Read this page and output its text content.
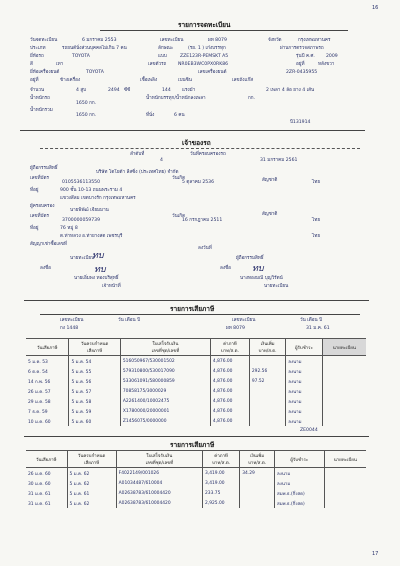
16
รายการจดทะเบียน
วันจดทะเบียน	6 มกราคม 2553	เลขทะเบียน	ผท 8079	จังหวัด	กรุงเทพมหานคร
ประเภท	รถยนต์นั่งส่วนบุคคลไม่เกิน 7 คน	ลักษณะ	(รย. 1 ) เก๋งบรรทุก	ผ่านการตรวจสภาพรถ
ยี่ห้อรถ	TOYOTA	แบบ	ZZE123R-PEMSKT A5	รุ่นปี ค.ศ. 2009
สี	เทา	เลขตัวรถ	NR0EB3WC0PX0RK86	อยู่ที่	หลังขวา
ยี่ห้อเครื่องยนต์	TOYOTA	เลขเครื่องยนต์	2ZR-0435955
อยู่ที่	ข้างเครื่อง	เชื้อเพลิง	เบนซิน	เลขถังแก๊ส
จำนวน	4 สูบ	ซีซี
2494	แรงม้า
144	2 เพลา 4 ล้อ ยาง 4 เส้น
น้ำหนักรถ
1650 กก.
น้ำหนักบรรทุก/น้ำหนักลงเพลา	กก.
น้ำหนักรวม
1650 กก.	ที่นั่ง	6 คน
ปี131914
เจ้าของรถ
ลำดับที่
4
วันที่ครอบครองรถ
31 มกราคม 2561
ผู้ถือกรรมสิทธิ์
บริษัท โตโยต้า ลีสซิ่ง (ประเทศไทย) จำกัด
เลขที่บัตร
0105536113550
วันเกิด
5 ตุลาคม 2536	สัญชาติ	ไทย
ที่อยู่	900 ชั้น 10-13 ถนนพระราม 4
แขวงสีลม เขตบางรัก กรุงเทพมหานคร
ผู้ครอบครอง
นายพิพัฒ์ เจียมมาน
เลขที่บัตร
3700000059739
วันเกิด
16 กรกฎาคม 2511
สัญชาติ
ไทย
ที่อยู่	76 หมู่ 8
ต.ท่าหลวง อ.ท่ายางสต เพชรบุรี	ไทย
สัญญาเช่าซื้อเลขที่
ลงวันที่
ทบ
นายทะเบียน	ผู้ถือกรรมสิทธิ์
ลงชื่อ	ทบ	ลงชื่อ ทบ
นายเอิ่มพง ทองบริสุทธิ์
เจ้าหน้าที่
นางทองมณี บุญวิรัตน์
นายทะเบียน
รายการเสียภาษี
เลขทะเบียน	วัน เดือน ปี	เลขทะเบียน	วัน เดือน ปี
กง 1448	ผท 8079	31 ม.ค. 61
วันเสียภาษี	วันครบกำหนด
เสียภาษี	ใบเสร็จรับเงิน
เลขที่ชุด/เลขที่	ค่าภาษี
บาท/ส.ต.	เงินเพิ่ม
บาท/ส.ต.	ผู้รับชำระ	นายทะเบียน
5 ม.ค. 53	5 ม.ค. 54	516050967/530001502	4,876.00		ลงนาม	
6 ต.ค. 54	5 ม.ค. 55	579310800/530017090	4,876.00	292.56	ลงนาม	
14 ก.พ. 56	5 ม.ค. 56	533061091/580000859	4,876.00	97.52	ลงนาม	
26 ม.ค. 57	5 ม.ค. 57	70858175/3000029	4,876.00		ลงนาม	
29 ม.ค. 58	5 ม.ค. 58	A2261400/10002475	4,876.00		ลงนาม	
7 ธ.ค. 59	5 ม.ค. 59	X1780000/20000001	4,876.00		ลงนาม	
10 ม.ค. 60	5 ม.ค. 60	Z1456075/0000000	4,876.00		ลงนาม	
ZE0044
รายการเสียภาษี
วันเสียภาษี	วันครบกำหนด
เสียภาษี	ใบเสร็จรับเงิน
เลขที่ชุด/เลขที่	ค่าภาษี
บาท/ส.ต.	เงินเพิ่ม
บาท/ส.ต.	ผู้รับชำระ	นายทะเบียน
26 ม.ค. 60	5 ม.ค. 62	F4022149/001026	3,419.00	34.29	ลงนาม	
30 ม.ค. 60	5 ม.ค. 62	A01034487/610004	3,419.00		ลงนาม	
31 ม.ค. 61	5 ม.ค. 61	A02638783/610004420	233.75		สมพ.ธ.(กึ่งสด)	
31 ม.ค. 61	5 ม.ค. 62	A02638783/610004420	2,925.00		สมพ.ธ.(กึ่งสด)	
17
